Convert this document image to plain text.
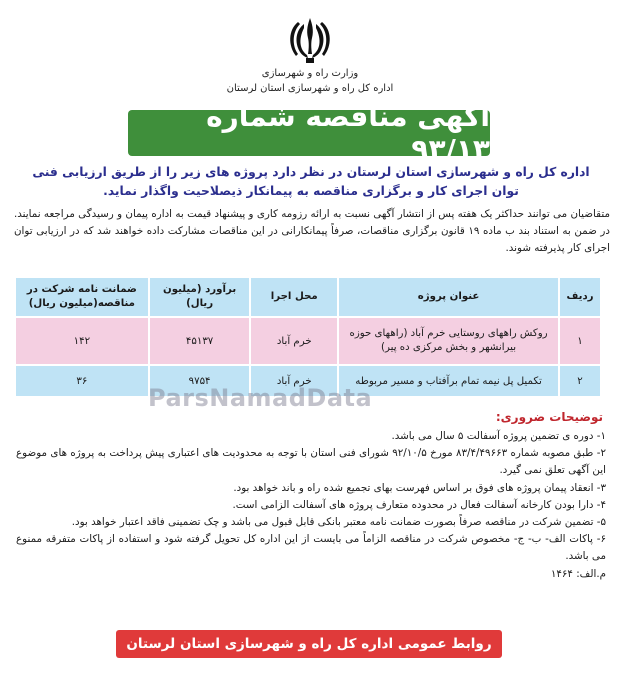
وزارت راه و شهرسازی
اداره کل راه و شهرسازی استان لرستان
آگهی مناقصه شماره ۹۳/۱۳
اداره کل راه و شهرسازی استان لرستان در نظر دارد پروژه های زیر را از طریق ارزیابی فنی توان اجرای کار و برگزاری مناقصه به پیمانکار ذیصلاحیت واگذار نماید.
متقاضیان می توانند حداکثر یک هفته پس از انتشار آگهی نسبت به ارائه رزومه کاری و پیشنهاد قیمت به اداره پیمان و رسیدگی مراجعه نمایند. در ضمن به استناد بند ب ماده ۱۹ قانون برگزاری مناقصات، صرفاً پیمانکارانی در این مناقصات مشارکت داده خواهند شد که در ارزیابی توان اجرای کار پذیرفته شوند.
ردیف	عنوان پروژه	محل اجرا	برآورد (میلیون ریال)	ضمانت نامه شرکت در مناقصه(میلیون ریال)
۱	روکش راههای روستایی خرم آباد (راههای حوزه بیرانشهر و بخش مرکزی ده پیر)	خرم آباد	۴۵۱۳۷	۱۴۲
۲	تکمیل پل نیمه تمام برآفتاب و مسیر مربوطه	خرم آباد	۹۷۵۴	۳۶
ParsNamadData
توضیحات ضروری:

۱- دوره ی تضمین پروژه آسفالت ۵ سال می باشد.

۲- طبق مصوبه شماره ۸۳/۴/۴۹۶۶۳ مورخ ۹۲/۱۰/۵ شورای فنی استان با توجه به محدودیت های اعتباری پیش پرداخت به پروژه های موضوع این آگهی تعلق نمی گیرد.

۳- انعقاد پیمان پروژه های فوق بر اساس فهرست بهای تجمیع شده راه و باند خواهد بود.

۴- دارا بودن کارخانه آسفالت فعال در محدوده متعارف پروژه های آسفالت الزامی است.

۵- تضمین شرکت در مناقصه صرفاً بصورت ضمانت نامه معتبر بانکی قابل قبول می باشد و چک تضمینی فاقد اعتبار خواهد بود.

۶- پاکات الف- ب- ج- مخصوص شرکت در مناقصه الزاماً می بایست از این اداره کل تحویل گرفته شود و استفاده از پاکات متفرقه ممنوع می باشد.

م.الف: ۱۴۶۴

روابط عمومی اداره کل راه و شهرسازی استان لرستان
